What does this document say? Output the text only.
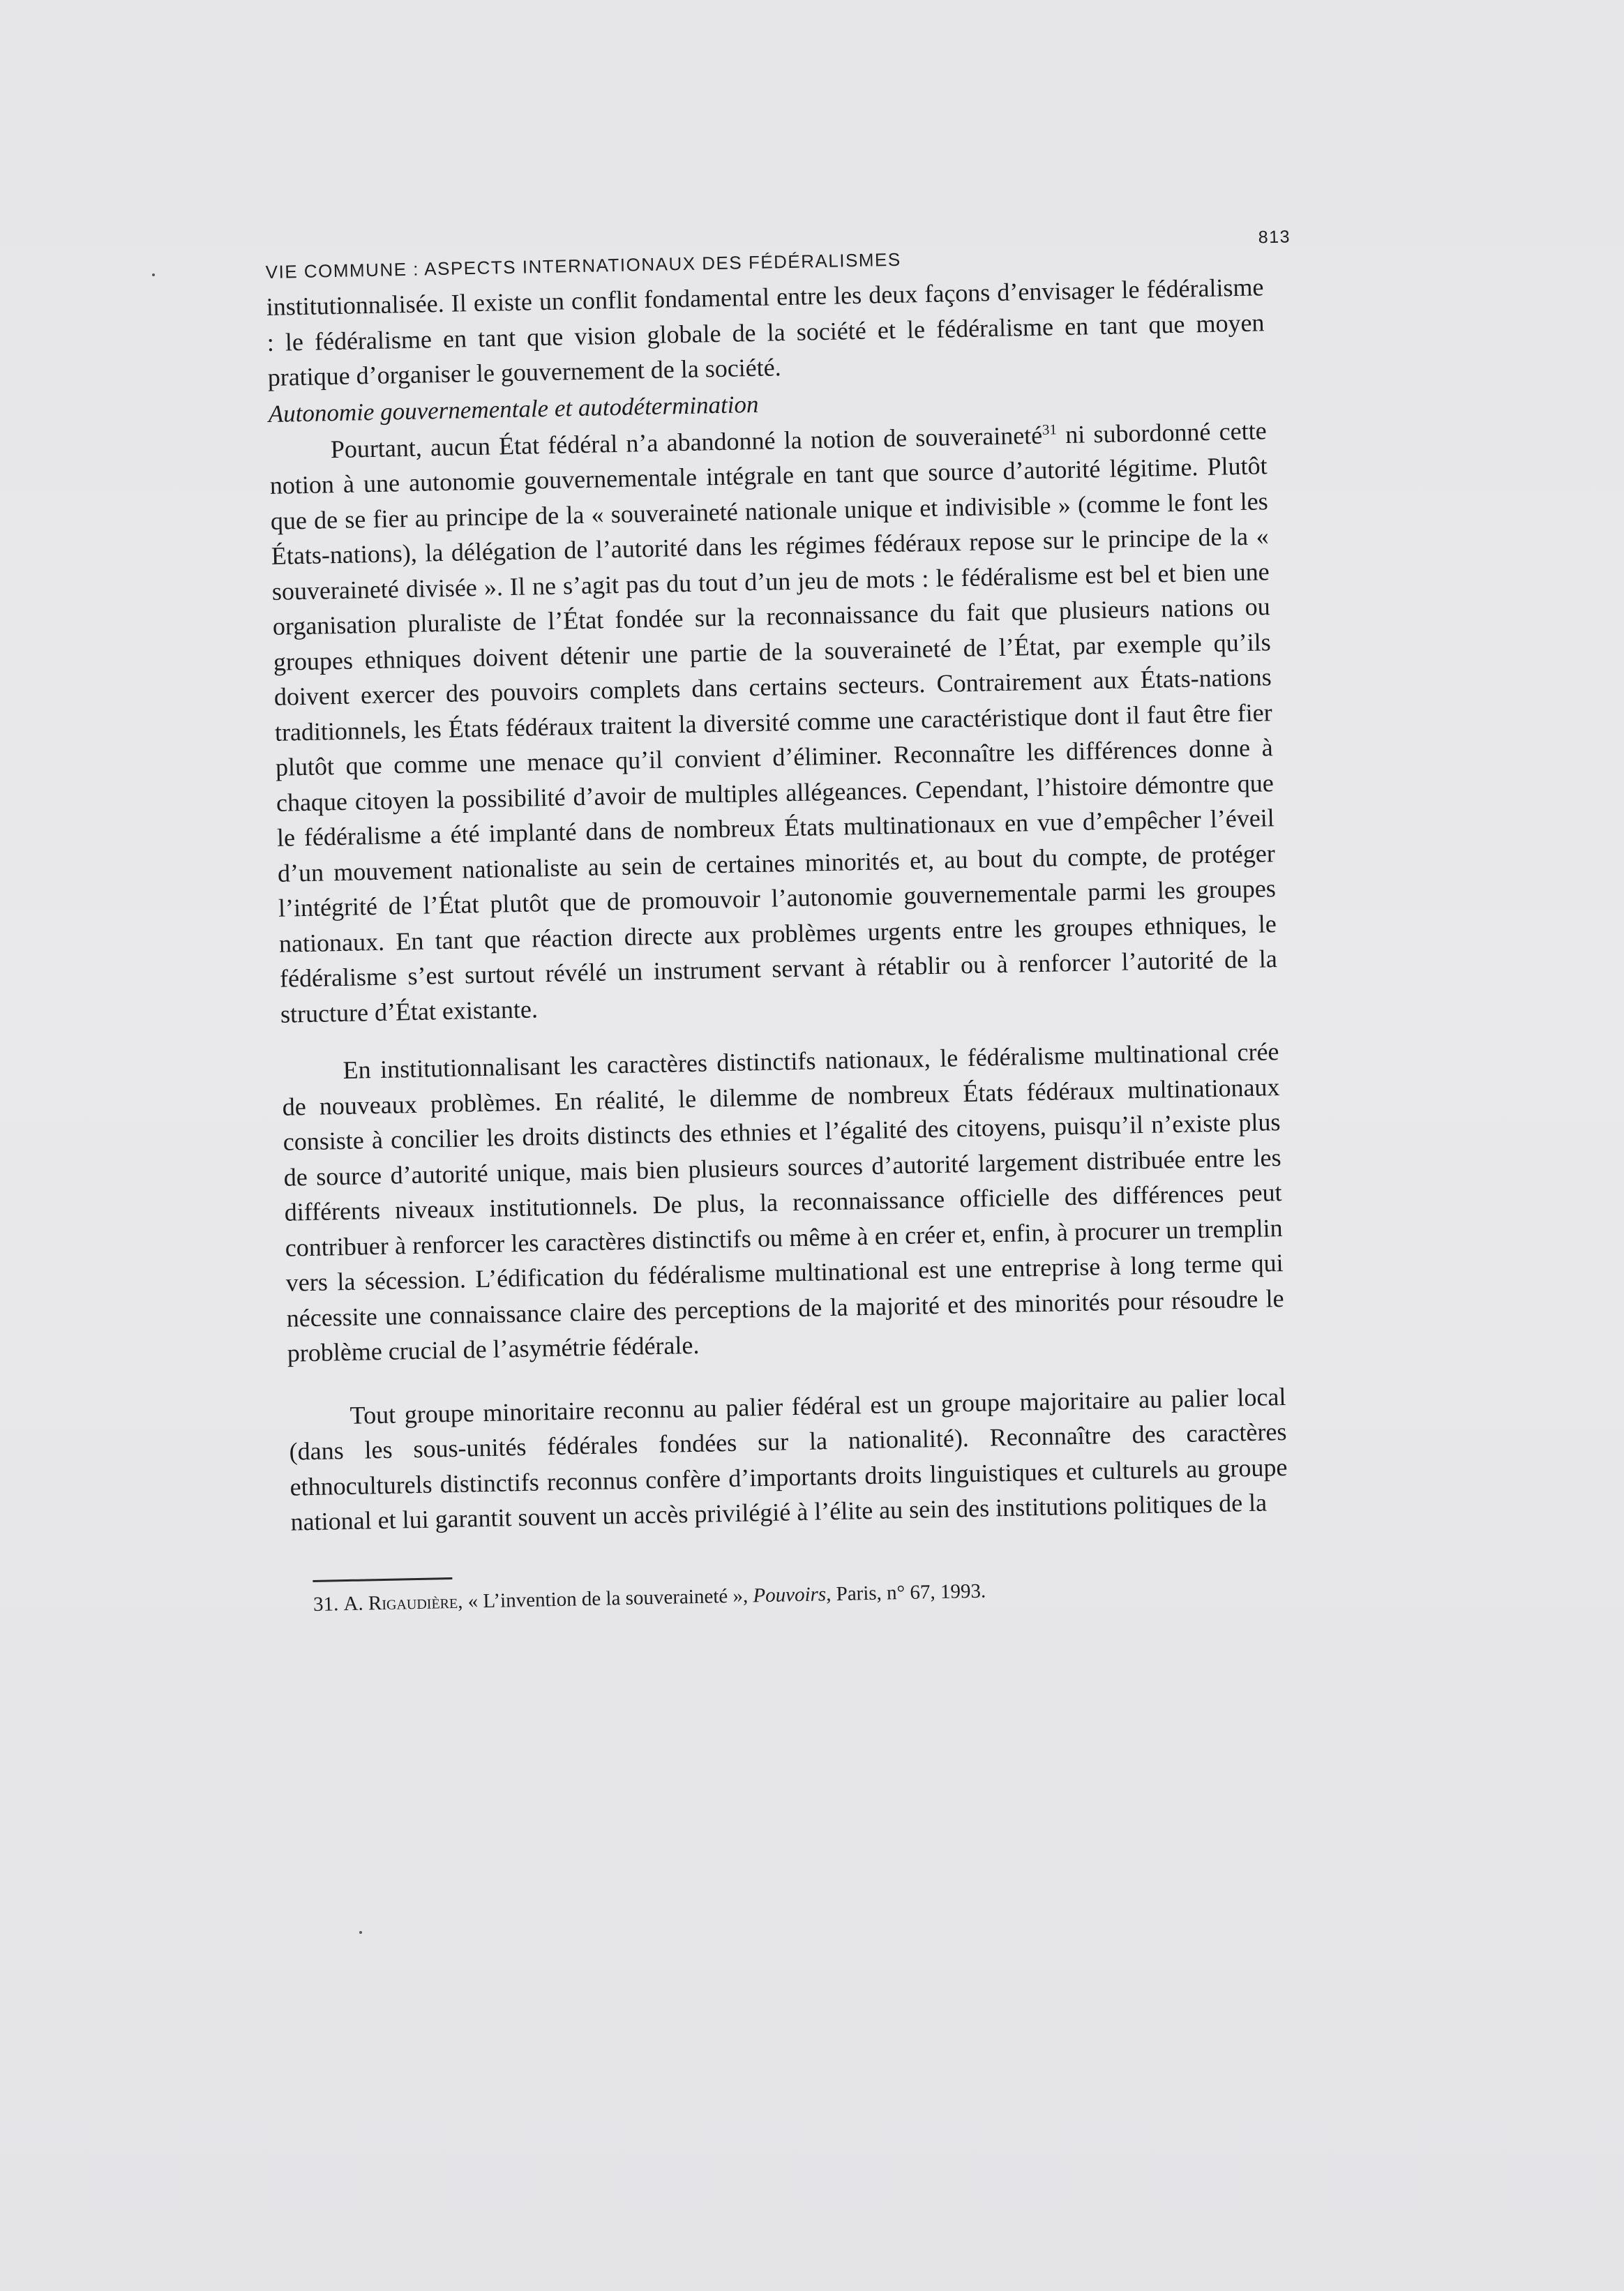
VIE COMMUNE : ASPECTS INTERNATIONAUX DES FÉDÉRALISMES
813

institutionnalisée. Il existe un conflit fondamental entre les deux façons d’envisager le fédéralisme : le fédéralisme en tant que vision globale de la société et le fédéralisme en tant que moyen pratique d’organiser le gouvernement de la société.

Autonomie gouvernementale et autodétermination

Pourtant, aucun État fédéral n’a abandonné la notion de souveraineté$^{31}$ ni subordonné cette notion à une autonomie gouvernementale intégrale en tant que source d’autorité légitime. Plutôt que de se fier au principe de la « souveraineté nationale unique et indivisible » (comme le font les États-nations), la délégation de l’autorité dans les régimes fédéraux repose sur le principe de la « souveraineté divisée ». Il ne s’agit pas du tout d’un jeu de mots : le fédéralisme est bel et bien une organisation pluraliste de l’État fondée sur la reconnaissance du fait que plusieurs nations ou groupes ethniques doivent détenir une partie de la souveraineté de l’État, par exemple qu’ils doivent exercer des pouvoirs complets dans certains secteurs. Contrairement aux États-nations traditionnels, les États fédéraux traitent la diversité comme une caractéristique dont il faut être fier plutôt que comme une menace qu’il convient d’éliminer. Reconnaître les différences donne à chaque citoyen la possibilité d’avoir de multiples allégeances. Cependant, l’histoire démontre que le fédéralisme a été implanté dans de nombreux États multinationaux en vue d’empêcher l’éveil d’un mouvement nationaliste au sein de certaines minorités et, au bout du compte, de protéger l’intégrité de l’État plutôt que de promouvoir l’autonomie gouvernementale parmi les groupes nationaux. En tant que réaction directe aux problèmes urgents entre les groupes ethniques, le fédéralisme s’est surtout révélé un instrument servant à rétablir ou à renforcer l’autorité de la structure d’État existante.

En institutionnalisant les caractères distinctifs nationaux, le fédéralisme multinational crée de nouveaux problèmes. En réalité, le dilemme de nombreux États fédéraux multinationaux consiste à concilier les droits distincts des ethnies et l’égalité des citoyens, puisqu’il n’existe plus de source d’autorité unique, mais bien plusieurs sources d’autorité largement distribuée entre les différents niveaux institutionnels. De plus, la reconnaissance officielle des différences peut contribuer à renforcer les caractères distinctifs ou même à en créer et, enfin, à procurer un tremplin vers la sécession. L’édification du fédéralisme multinational est une entreprise à long terme qui nécessite une connaissance claire des perceptions de la majorité et des minorités pour résoudre le problème crucial de l’asymétrie fédérale.

Tout groupe minoritaire reconnu au palier fédéral est un groupe majoritaire au palier local (dans les sous-unités fédérales fondées sur la nationalité). Reconnaître des caractères ethnoculturels distinctifs reconnus confère d’importants droits linguistiques et culturels au groupe national et lui garantit souvent un accès privilégié à l’élite au sein des institutions politiques de la

31. A. Rigaudière, « L’invention de la souveraineté », Pouvoirs, Paris, n° 67, 1993.
